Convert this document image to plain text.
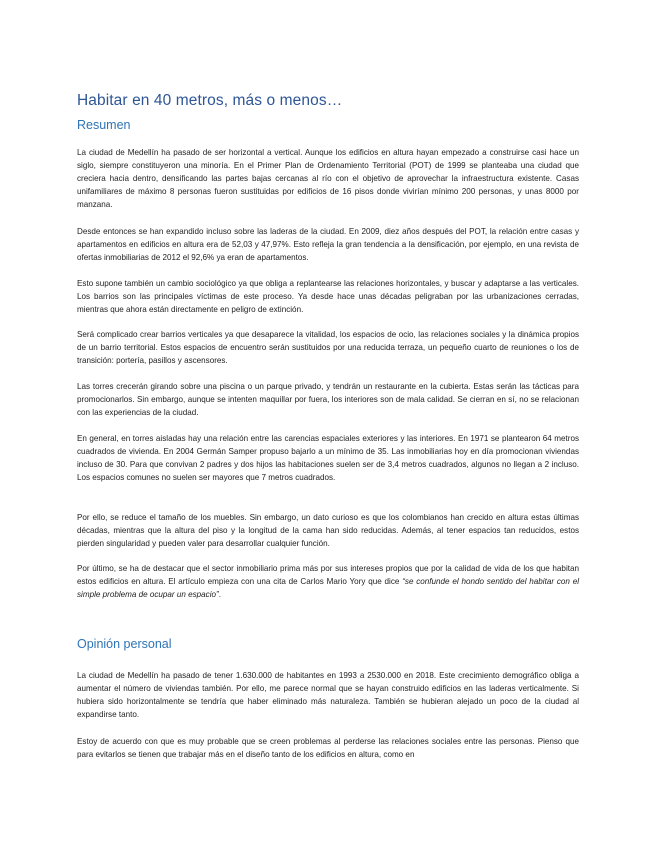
Habitar en 40 metros, más o menos…
Resumen

La ciudad de Medellín ha pasado de ser horizontal a vertical. Aunque los edificios en altura hayan empezado a construirse casi hace un siglo, siempre constituyeron una minoría. En el Primer Plan de Ordenamiento Territorial (POT) de 1999 se planteaba una ciudad que creciera hacia dentro, densificando las partes bajas cercanas al río con el objetivo de aprovechar la infraestructura existente. Casas unifamiliares de máximo 8 personas fueron sustituidas por edificios de 16 pisos donde vivirían mínimo 200 personas, y unas 8000 por manzana.

Desde entonces se han expandido incluso sobre las laderas de la ciudad. En 2009, diez años después del POT, la relación entre casas y apartamentos en edificios en altura era de 52,03 y 47,97%. Esto refleja la gran tendencia a la densificación, por ejemplo, en una revista de ofertas inmobiliarias de 2012 el 92,6% ya eran de apartamentos.

Esto supone también un cambio sociológico ya que obliga a replantearse las relaciones horizontales, y buscar y adaptarse a las verticales. Los barrios son las principales víctimas de este proceso. Ya desde hace unas décadas peligraban por las urbanizaciones cerradas, mientras que ahora están directamente en peligro de extinción.

Será complicado crear barrios verticales ya que desaparece la vitalidad, los espacios de ocio, las relaciones sociales y la dinámica propios de un barrio territorial. Estos espacios de encuentro serán sustituidos por una reducida terraza, un pequeño cuarto de reuniones o los de transición: portería, pasillos y ascensores.

Las torres crecerán girando sobre una piscina o un parque privado, y tendrán un restaurante en la cubierta. Estas serán las tácticas para promocionarlos. Sin embargo, aunque se intenten maquillar por fuera, los interiores son de mala calidad. Se cierran en sí, no se relacionan con las experiencias de la ciudad.

En general, en torres aisladas hay una relación entre las carencias espaciales exteriores y las interiores. En 1971 se plantearon 64 metros cuadrados de vivienda. En 2004 Germán Samper propuso bajarlo a un mínimo de 35. Las inmobiliarias hoy en día promocionan viviendas incluso de 30. Para que convivan 2 padres y dos hijos las habitaciones suelen ser de 3,4 metros cuadrados, algunos no llegan a 2 incluso. Los espacios comunes no suelen ser mayores que 7 metros cuadrados.

Por ello, se reduce el tamaño de los muebles. Sin embargo, un dato curioso es que los colombianos han crecido en altura estas últimas décadas, mientras que la altura del piso y la longitud de la cama han sido reducidas. Además, al tener espacios tan reducidos, estos pierden singularidad y pueden valer para desarrollar cualquier función.

Por último, se ha de destacar que el sector inmobiliario prima más por sus intereses propios que por la calidad de vida de los que habitan estos edificios en altura. El artículo empieza con una cita de Carlos Mario Yory que dice “se confunde el hondo sentido del habitar con el simple problema de ocupar un espacio”.

Opinión personal

La ciudad de Medellín ha pasado de tener 1.630.000 de habitantes en 1993 a 2530.000 en 2018. Este crecimiento demográfico obliga a aumentar el número de viviendas también. Por ello, me parece normal que se hayan construido edificios en las laderas verticalmente. Si hubiera sido horizontalmente se tendría que haber eliminado más naturaleza. También se hubieran alejado un poco de la ciudad al expandirse tanto.

Estoy de acuerdo con que es muy probable que se creen problemas al perderse las relaciones sociales entre las personas. Pienso que para evitarlos se tienen que trabajar más en el diseño tanto de los edificios en altura, como en
